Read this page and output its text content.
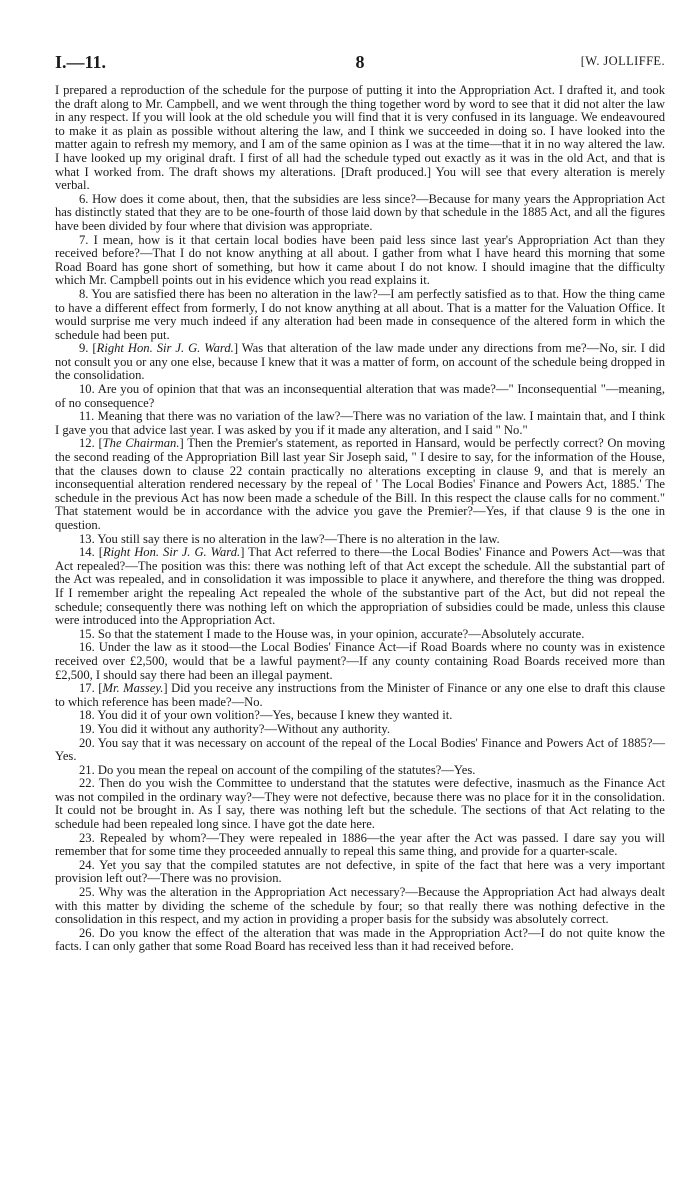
I.—11.	8	[W. JOLLIFFE.

I prepared a reproduction of the schedule for the purpose of putting it into the Appropriation Act. I drafted it, and took the draft along to Mr. Campbell, and we went through the thing together word by word to see that it did not alter the law in any respect. If you will look at the old schedule you will find that it is very confused in its language. We endeavoured to make it as plain as possible without altering the law, and I think we succeeded in doing so. I have looked into the matter again to refresh my memory, and I am of the same opinion as I was at the time—that it in no way altered the law. I have looked up my original draft. I first of all had the schedule typed out exactly as it was in the old Act, and that is what I worked from. The draft shows my alterations. [Draft produced.] You will see that every alteration is merely verbal.

6. How does it come about, then, that the subsidies are less since?—Because for many years the Appropriation Act has distinctly stated that they are to be one-fourth of those laid down by that schedule in the 1885 Act, and all the figures have been divided by four where that division was appropriate.

7. I mean, how is it that certain local bodies have been paid less since last year's Appropriation Act than they received before?—That I do not know anything at all about. I gather from what I have heard this morning that some Road Board has gone short of something, but how it came about I do not know. I should imagine that the difficulty which Mr. Campbell points out in his evidence which you read explains it.

8. You are satisfied there has been no alteration in the law?—I am perfectly satisfied as to that. How the thing came to have a different effect from formerly, I do not know anything at all about. That is a matter for the Valuation Office. It would surprise me very much indeed if any alteration had been made in consequence of the altered form in which the schedule had been put.

9. [Right Hon. Sir J. G. Ward.] Was that alteration of the law made under any directions from me?—No, sir. I did not consult you or any one else, because I knew that it was a matter of form, on account of the schedule being dropped in the consolidation.

10. Are you of opinion that that was an inconsequential alteration that was made?—" Inconsequential "—meaning, of no consequence?

11. Meaning that there was no variation of the law?—There was no variation of the law. I maintain that, and I think I gave you that advice last year. I was asked by you if it made any alteration, and I said " No."

12. [The Chairman.] Then the Premier's statement, as reported in Hansard, would be perfectly correct? On moving the second reading of the Appropriation Bill last year Sir Joseph said, " I desire to say, for the information of the House, that the clauses down to clause 22 contain practically no alterations excepting in clause 9, and that is merely an inconsequential alteration rendered necessary by the repeal of ' The Local Bodies' Finance and Powers Act, 1885.' The schedule in the previous Act has now been made a schedule of the Bill. In this respect the clause calls for no comment." That statement would be in accordance with the advice you gave the Premier?—Yes, if that clause 9 is the one in question.

13. You still say there is no alteration in the law?—There is no alteration in the law.

14. [Right Hon. Sir J. G. Ward.] That Act referred to there—the Local Bodies' Finance and Powers Act—was that Act repealed?—The position was this: there was nothing left of that Act except the schedule. All the substantial part of the Act was repealed, and in consolidation it was impossible to place it anywhere, and therefore the thing was dropped. If I remember aright the repealing Act repealed the whole of the substantive part of the Act, but did not repeal the schedule; consequently there was nothing left on which the appropriation of subsidies could be made, unless this clause were introduced into the Appropriation Act.

15. So that the statement I made to the House was, in your opinion, accurate?—Absolutely accurate.

16. Under the law as it stood—the Local Bodies' Finance Act—if Road Boards where no county was in existence received over £2,500, would that be a lawful payment?—If any county containing Road Boards received more than £2,500, I should say there had been an illegal payment.

17. [Mr. Massey.] Did you receive any instructions from the Minister of Finance or any one else to draft this clause to which reference has been made?—No.

18. You did it of your own volition?—Yes, because I knew they wanted it.

19. You did it without any authority?—Without any authority.

20. You say that it was necessary on account of the repeal of the Local Bodies' Finance and Powers Act of 1885?—Yes.

21. Do you mean the repeal on account of the compiling of the statutes?—Yes.

22. Then do you wish the Committee to understand that the statutes were defective, inasmuch as the Finance Act was not compiled in the ordinary way?—They were not defective, because there was no place for it in the consolidation. It could not be brought in. As I say, there was nothing left but the schedule. The sections of that Act relating to the schedule had been repealed long since. I have got the date here.

23. Repealed by whom?—They were repealed in 1886—the year after the Act was passed. I dare say you will remember that for some time they proceeded annually to repeal this same thing, and provide for a quarter-scale.

24. Yet you say that the compiled statutes are not defective, in spite of the fact that here was a very important provision left out?—There was no provision.

25. Why was the alteration in the Appropriation Act necessary?—Because the Appropriation Act had always dealt with this matter by dividing the scheme of the schedule by four; so that really there was nothing defective in the consolidation in this respect, and my action in providing a proper basis for the subsidy was absolutely correct.

26. Do you know the effect of the alteration that was made in the Appropriation Act?—I do not quite know the facts. I can only gather that some Road Board has received less than it had received before.
